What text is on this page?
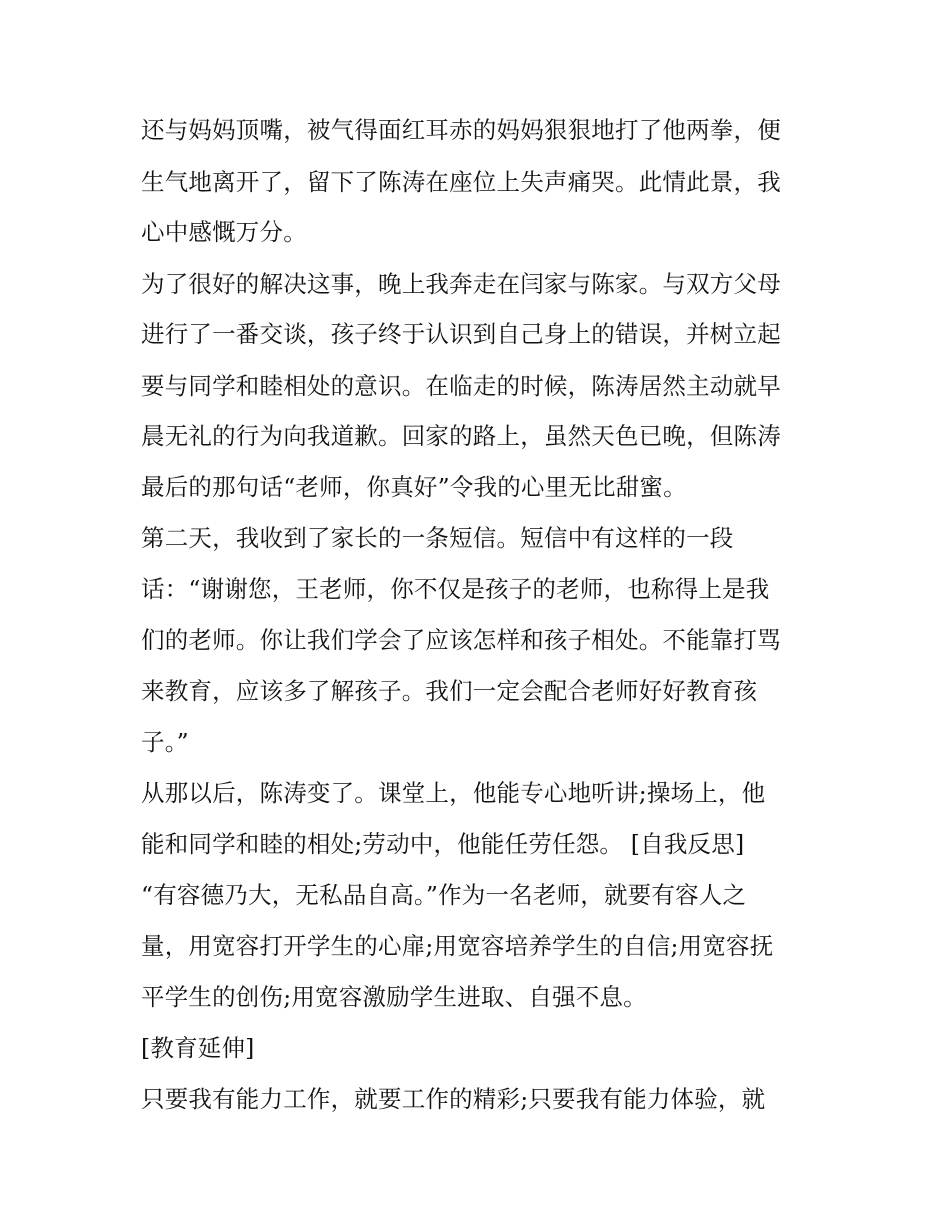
还与妈妈顶嘴，被气得面红耳赤的妈妈狠狠地打了他两拳，便
生气地离开了，留下了陈涛在座位上失声痛哭。此情此景，我
心中感慨万分。
为了很好的解决这事，晚上我奔走在闫家与陈家。与双方父母
进行了一番交谈，孩子终于认识到自己身上的错误，并树立起
要与同学和睦相处的意识。在临走的时候，陈涛居然主动就早
晨无礼的行为向我道歉。回家的路上，虽然天色已晚，但陈涛
最后的那句话“老师，你真好”令我的心里无比甜蜜。
第二天，我收到了家长的一条短信。短信中有这样的一段
话：“谢谢您，王老师，你不仅是孩子的老师，也称得上是我
们的老师。你让我们学会了应该怎样和孩子相处。不能靠打骂
来教育，应该多了解孩子。我们一定会配合老师好好教育孩
子。”
从那以后，陈涛变了。课堂上，他能专心地听讲;操场上，他
能和同学和睦的相处;劳动中，他能任劳任怨。 [自我反思]
“有容德乃大，无私品自高。”作为一名老师，就要有容人之
量，用宽容打开学生的心扉;用宽容培养学生的自信;用宽容抚
平学生的创伤;用宽容激励学生进取、自强不息。
[教育延伸]
只要我有能力工作，就要工作的精彩;只要我有能力体验，就
